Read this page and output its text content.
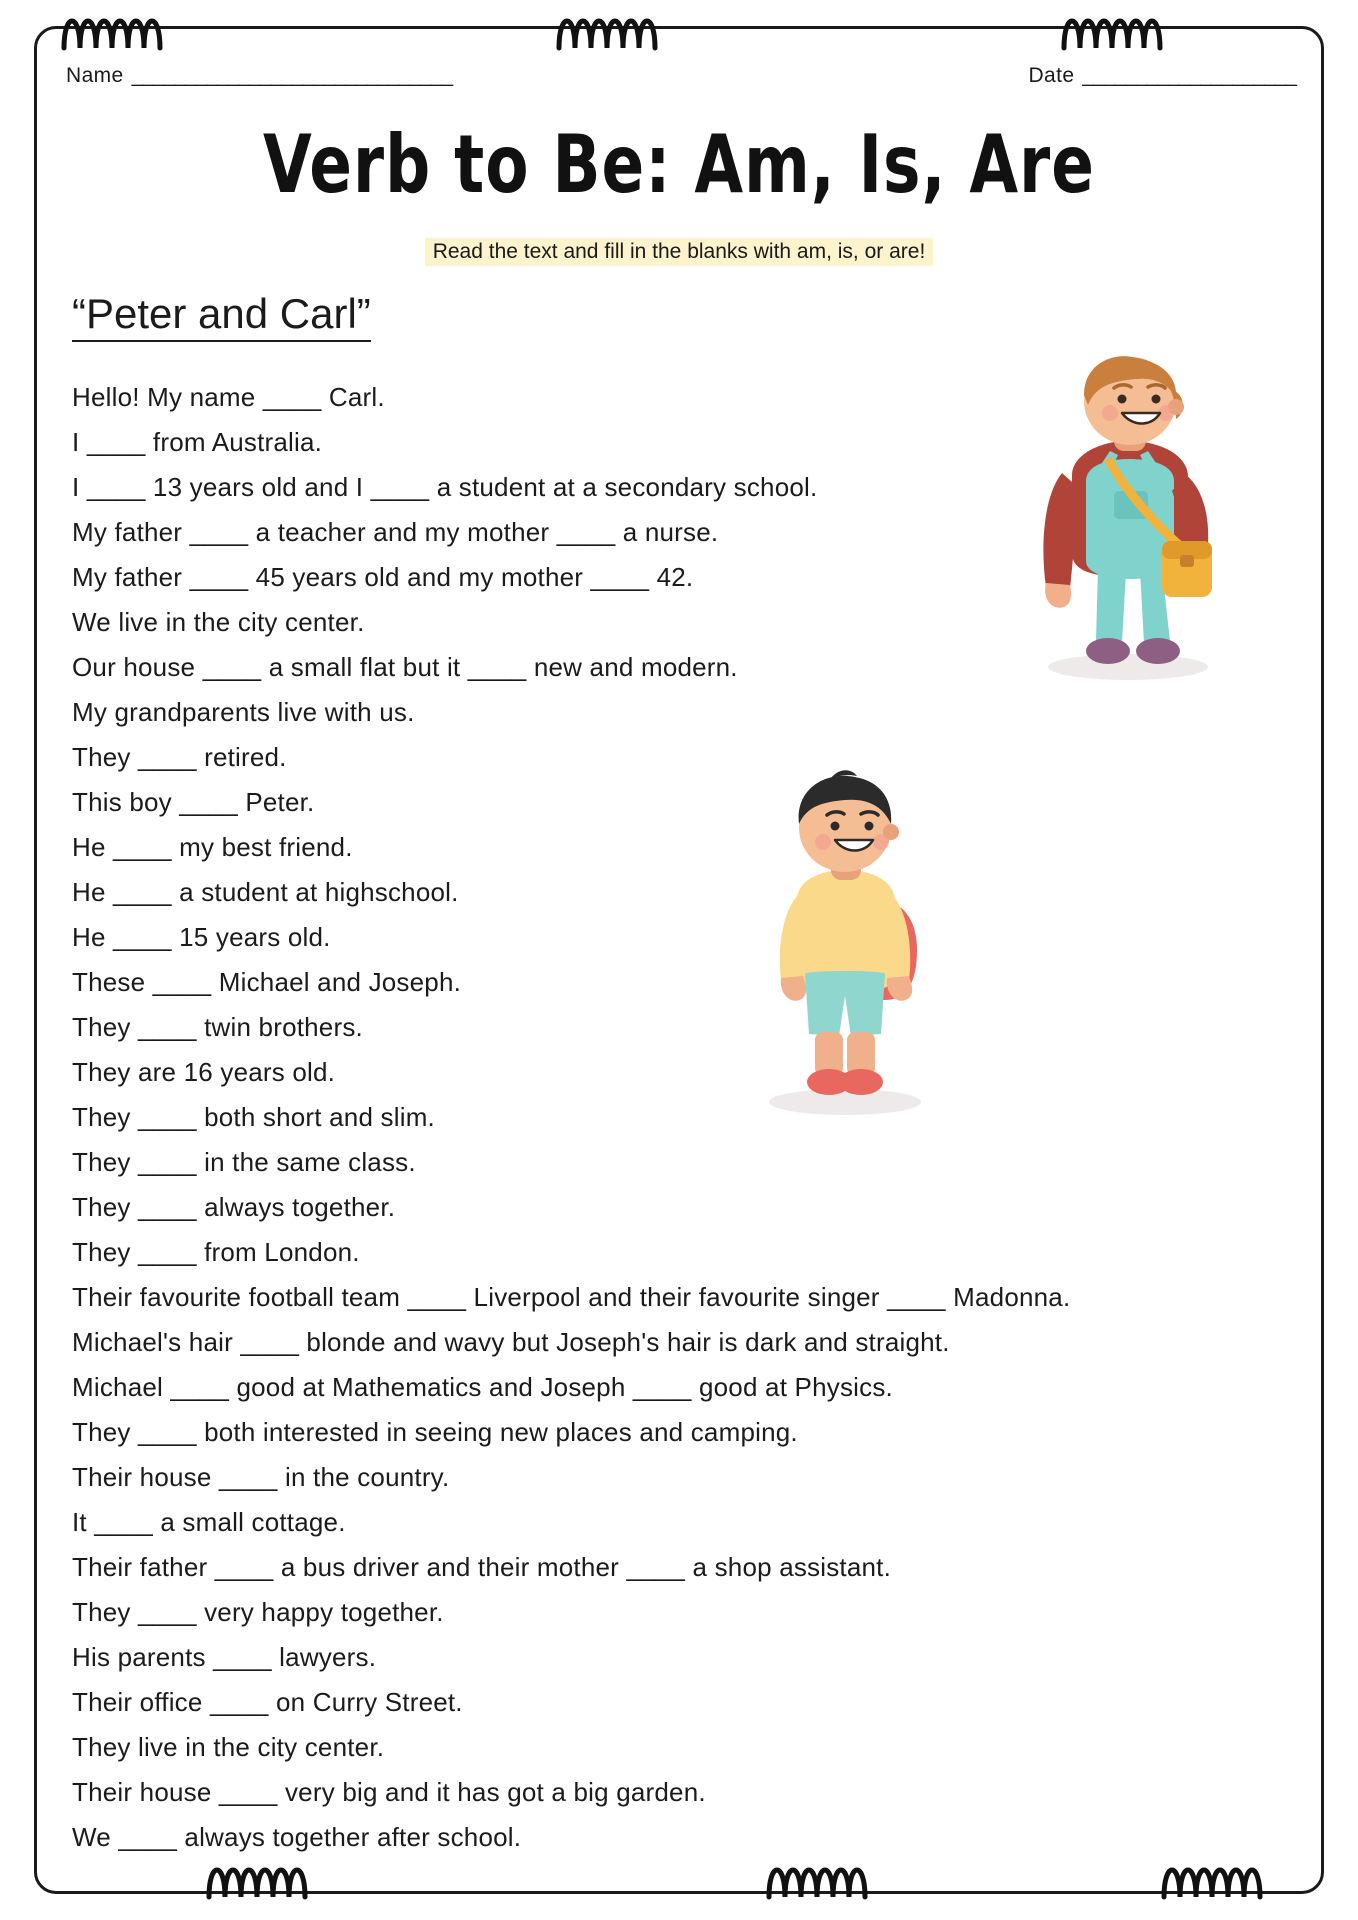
Name ______________________________	Date ____________________
Verb to Be: Am, Is, Are
Read the text and fill in the blanks with am, is, or are!
“Peter and Carl”
Hello! My name ____ Carl.
I ____ from Australia.
I ____ 13 years old and I ____ a student at a secondary school.
My father ____ a teacher and my mother ____ a nurse.
My father ____ 45 years old and my mother ____ 42.
We live in the city center.
Our house ____ a small flat but it ____ new and modern.
My grandparents live with us.
They ____ retired.
This boy ____ Peter.
He ____ my best friend.
He ____ a student at highschool.
He ____ 15 years old.
These ____ Michael and Joseph.
They ____ twin brothers.
They are 16 years old.
They ____ both short and slim.
They ____ in the same class.
They ____ always together.
They ____ from London.
Their favourite football team ____ Liverpool and their favourite singer ____ Madonna.
Michael's hair ____ blonde and wavy but Joseph's hair is dark and straight.
Michael ____ good at Mathematics and Joseph ____ good at Physics.
They ____ both interested in seeing new places and camping.
Their house ____ in the country.
It ____ a small cottage.
Their father ____ a bus driver and their mother ____ a shop assistant.
They ____ very happy together.
His parents ____ lawyers.
Their office ____ on Curry Street.
They live in the city center.
Their house ____ very big and it has got a big garden.
We ____ always together after school.
